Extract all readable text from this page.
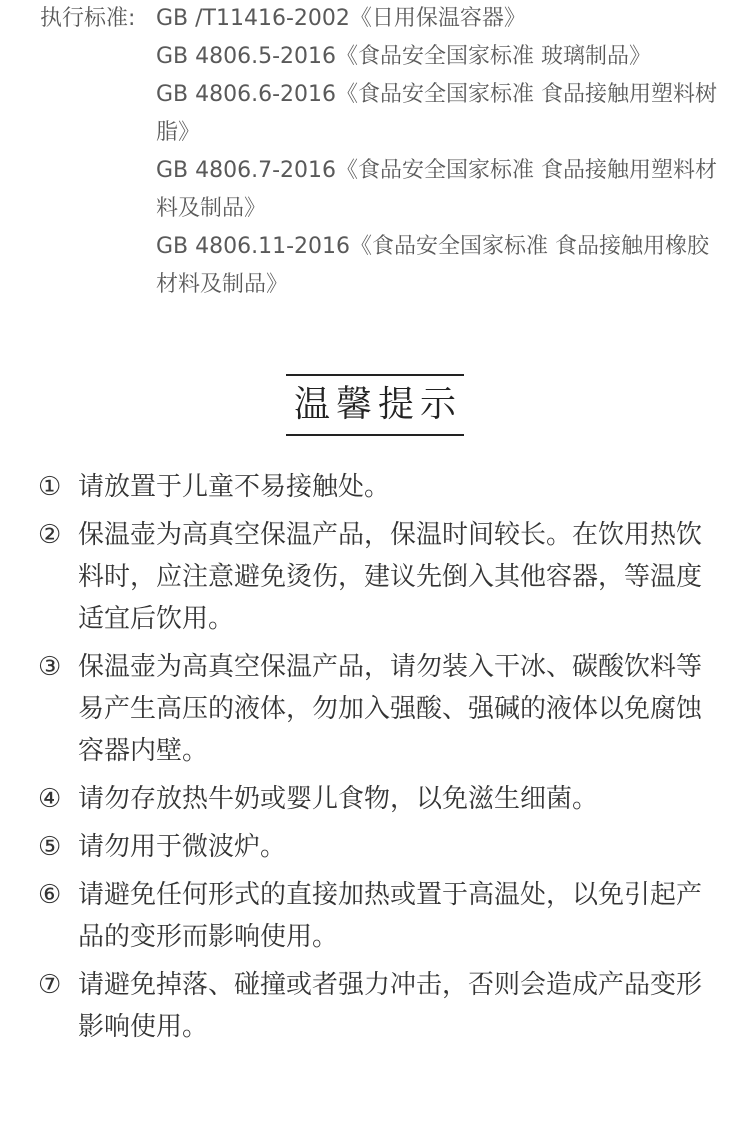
执行标准: GB /T11416-2002《日用保温容器》
GB 4806.5-2016《食品安全国家标准 玻璃制品》
GB 4806.6-2016《食品安全国家标准 食品接触用塑料树脂》
GB 4806.7-2016《食品安全国家标准 食品接触用塑料材料及制品》
GB 4806.11-2016《食品安全国家标准 食品接触用橡胶材料及制品》
温馨提示
① 请放置于儿童不易接触处。
② 保温壶为高真空保温产品，保温时间较长。在饮用热饮料时，应注意避免烫伤，建议先倒入其他容器，等温度适宜后饮用。
③ 保温壶为高真空保温产品，请勿装入干冰、碳酸饮料等易产生高压的液体，勿加入强酸、强碱的液体以免腐蚀容器内壁。
④ 请勿存放热牛奶或婴儿食物，以免滋生细菌。
⑤ 请勿用于微波炉。
⑥ 请避免任何形式的直接加热或置于高温处，以免引起产品的变形而影响使用。
⑦ 请避免掉落、碰撞或者强力冲击，否则会造成产品变形影响使用。
